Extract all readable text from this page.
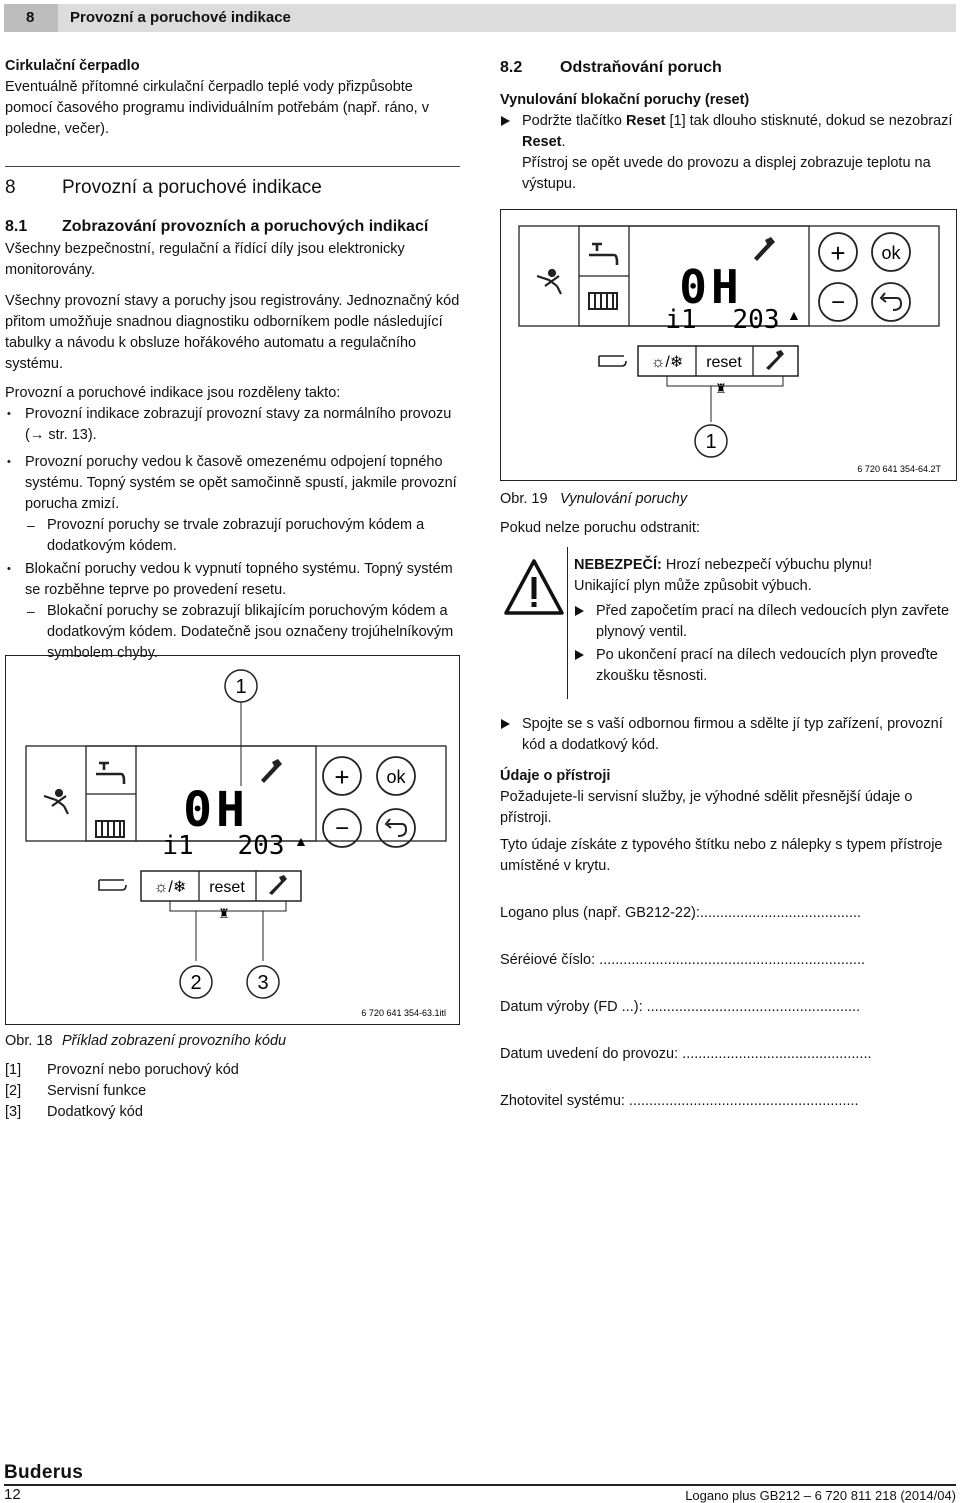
8	Provozní a poruchové indikace

Cirkulační čerpadlo

Eventuálně přítomné cirkulační čerpadlo teplé vody přizpůsobte pomocí časového programu individuálním potřebám (např. ráno, v poledne, večer).

8 Provozní a poruchové indikace

8.1 Zobrazování provozních a poruchových indikací

Všechny bezpečnostní, regulační a řídící díly jsou elektronicky monitorovány.

Všechny provozní stavy a poruchy jsou registrovány. Jednoznačný kód přitom umožňuje snadnou diagnostiku odborníkem podle následující tabulky a návodu k obsluze hořákového automatu a regulačního systému.

Provozní a poruchové indikace jsou rozděleny takto:

• Provozní indikace zobrazují provozní stavy za normálního provozu (→ str. 13).
• Provozní poruchy vedou k časově omezenému odpojení topného systému. Topný systém se opět samočinně spustí, jakmile provozní porucha zmizí.
– Provozní poruchy se trvale zobrazují poruchovým kódem a dodatkovým kódem.
• Blokační poruchy vedou k vypnutí topného systému. Topný systém se rozběhne teprve po provedení resetu.
– Blokační poruchy se zobrazují blikajícím poruchovým kódem a dodatkovým kódem. Dodatečně jsou označeny trojúhelníkovým symbolem chyby.
1
0H
i1 203 ▲
+ ok
−
☼/❄ reset
♜
2	3
6 720 641 354-63.1itl

Obr. 18 Příklad zobrazení provozního kódu

[1] Provozní nebo poruchový kód

[2] Servisní funkce

[3] Dodatkový kód

8.2 Odstraňování poruch

Vynulování blokační poruchy (reset)

Podržte tlačítko Reset [1] tak dlouho stisknuté, dokud se nezobrazí Reset.

Přístroj se opět uvede do provozu a displej zobrazuje teplotu na výstupu.

0H
i1 203 ▲
+ ok
−
☼/❄ reset
♜
1
6 720 641 354-64.2T

Obr. 19 Vynulování poruchy

Pokud nelze poruchu odstranit:

NEBEZPEČÍ: Hrozí nebezpečí výbuchu plynu!

Unikající plyn může způsobit výbuch.

Před započetím prací na dílech vedoucích plyn zavřete plynový ventil.
Po ukončení prací na dílech vedoucích plyn proveďte zkoušku těsnosti.
Spojte se s vaší odbornou firmou a sdělte jí typ zařízení, provozní kód a dodatkový kód.

Údaje o přístroji

Požadujete-li servisní služby, je výhodné sdělit přesnější údaje o přístroji.

Tyto údaje získáte z typového štítku nebo z nálepky s typem přístroje umístěné v krytu.

Logano plus (např. GB212-22):........................................

Séréiové číslo: ..................................................................

Datum výroby (FD ...): .....................................................

Datum uvedení do provozu: ...............................................

Zhotovitel systému: .........................................................

Buderus
12	Logano plus GB212 – 6 720 811 218 (2014/04)
